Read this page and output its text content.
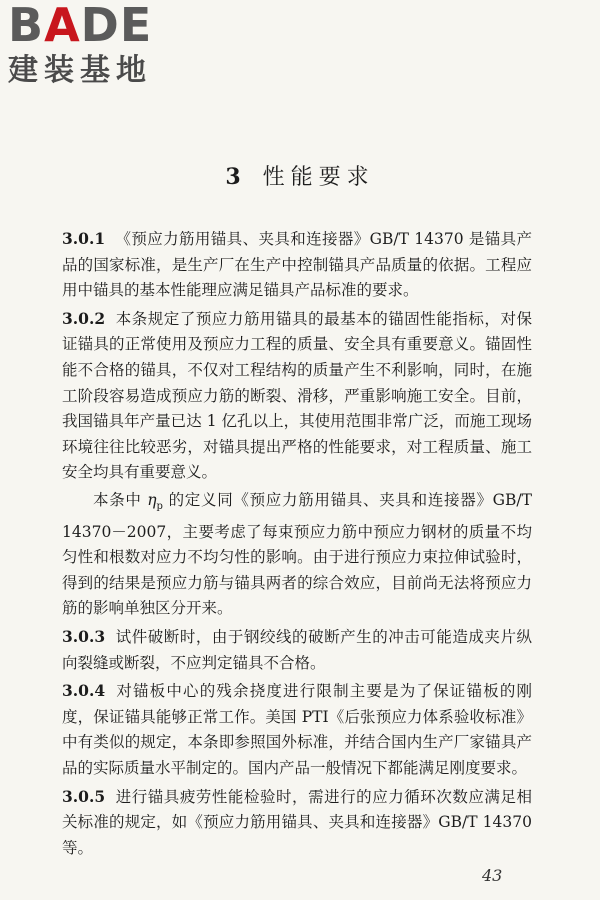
BADE
建装基地
3 性能要求

3.0.1 《预应力筋用锚具、夹具和连接器》GB/T 14370 是锚具产品的国家标准，是生产厂在生产中控制锚具产品质量的依据。工程应用中锚具的基本性能理应满足锚具产品标准的要求。

3.0.2 本条规定了预应力筋用锚具的最基本的锚固性能指标，对保证锚具的正常使用及预应力工程的质量、安全具有重要意义。锚固性能不合格的锚具，不仅对工程结构的质量产生不利影响，同时，在施工阶段容易造成预应力筋的断裂、滑移，严重影响施工安全。目前，我国锚具年产量已达 1 亿孔以上，其使用范围非常广泛，而施工现场环境往往比较恶劣，对锚具提出严格的性能要求，对工程质量、施工安全均具有重要意义。

本条中 $\eta_p$ 的定义同《预应力筋用锚具、夹具和连接器》GB/T 14370－2007，主要考虑了每束预应力筋中预应力钢材的质量不均匀性和根数对应力不均匀性的影响。由于进行预应力束拉伸试验时，得到的结果是预应力筋与锚具两者的综合效应，目前尚无法将预应力筋的影响单独区分开来。

3.0.3 试件破断时，由于钢绞线的破断产生的冲击可能造成夹片纵向裂缝或断裂，不应判定锚具不合格。

3.0.4 对锚板中心的残余挠度进行限制主要是为了保证锚板的刚度，保证锚具能够正常工作。美国 PTI《后张预应力体系验收标准》中有类似的规定，本条即参照国外标准，并结合国内生产厂家锚具产品的实际质量水平制定的。国内产品一般情况下都能满足刚度要求。

3.0.5 进行锚具疲劳性能检验时，需进行的应力循环次数应满足相关标准的规定，如《预应力筋用锚具、夹具和连接器》GB/T 14370等。

43
